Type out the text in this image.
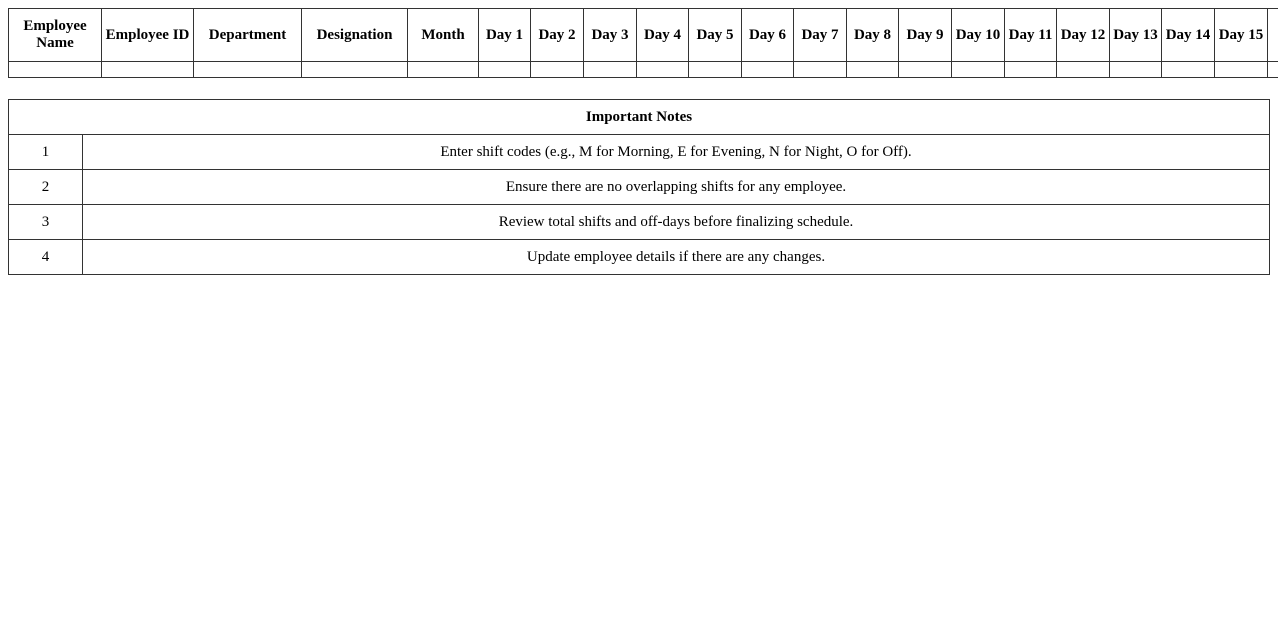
Employee Name	Employee ID	Department	Designation	Month	Day 1	Day 2	Day 3	Day 4	Day 5	Day 6	Day 7	Day 8	Day 9	Day 10	Day 11	Day 12	Day 13	Day 14	Day 15	

Important Notes	
1	Enter shift codes (e.g., M for Morning, E for Evening, N for Night, O for Off).
2	Ensure there are no overlapping shifts for any employee.
3	Review total shifts and off-days before finalizing schedule.
4	Update employee details if there are any changes.
